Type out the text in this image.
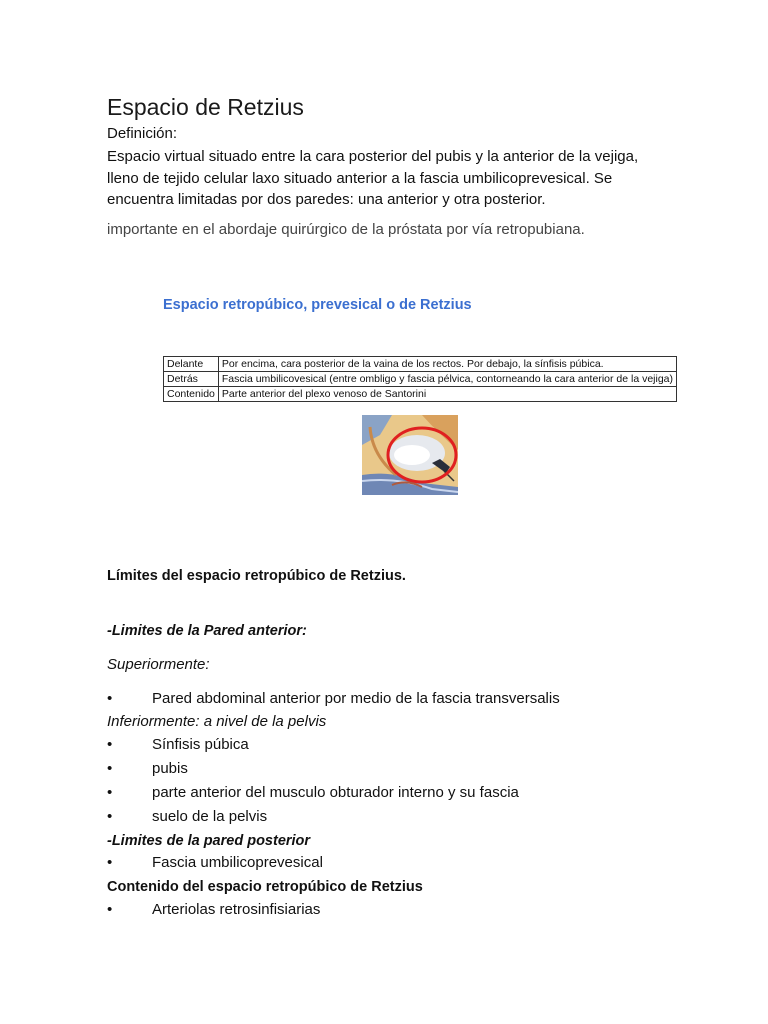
Espacio de Retzius
Definición:
Espacio virtual situado entre la cara posterior del pubis y la anterior de la vejiga,
lleno de tejido celular laxo situado anterior a la fascia umbilicoprevesical. Se
encuentra limitadas por dos paredes: una anterior y otra posterior.
importante en el abordaje quirúrgico de la próstata por vía retropubiana.
Espacio retropúbico, prevesical o de Retzius
Delante	Por encima, cara posterior de la vaina de los rectos. Por debajo, la sínfisis púbica.
Detrás	Fascia umbilicovesical (entre ombligo y fascia pélvica, contorneando la cara anterior de la vejiga)
Contenido	Parte anterior del plexo venoso de Santorini
Límites del espacio retropúbico de Retzius.
-Limites de la Pared anterior:
Superiormente:
•	Pared abdominal anterior por medio de la fascia transversalis
Inferiormente: a nivel de la pelvis
•	Sínfisis púbica
•	pubis
•	parte anterior del musculo obturador interno y su fascia
•	suelo de la pelvis
-Limites de la pared posterior
•	Fascia umbilicoprevesical
Contenido del espacio retropúbico de Retzius
•	Arteriolas retrosinfisiarias
